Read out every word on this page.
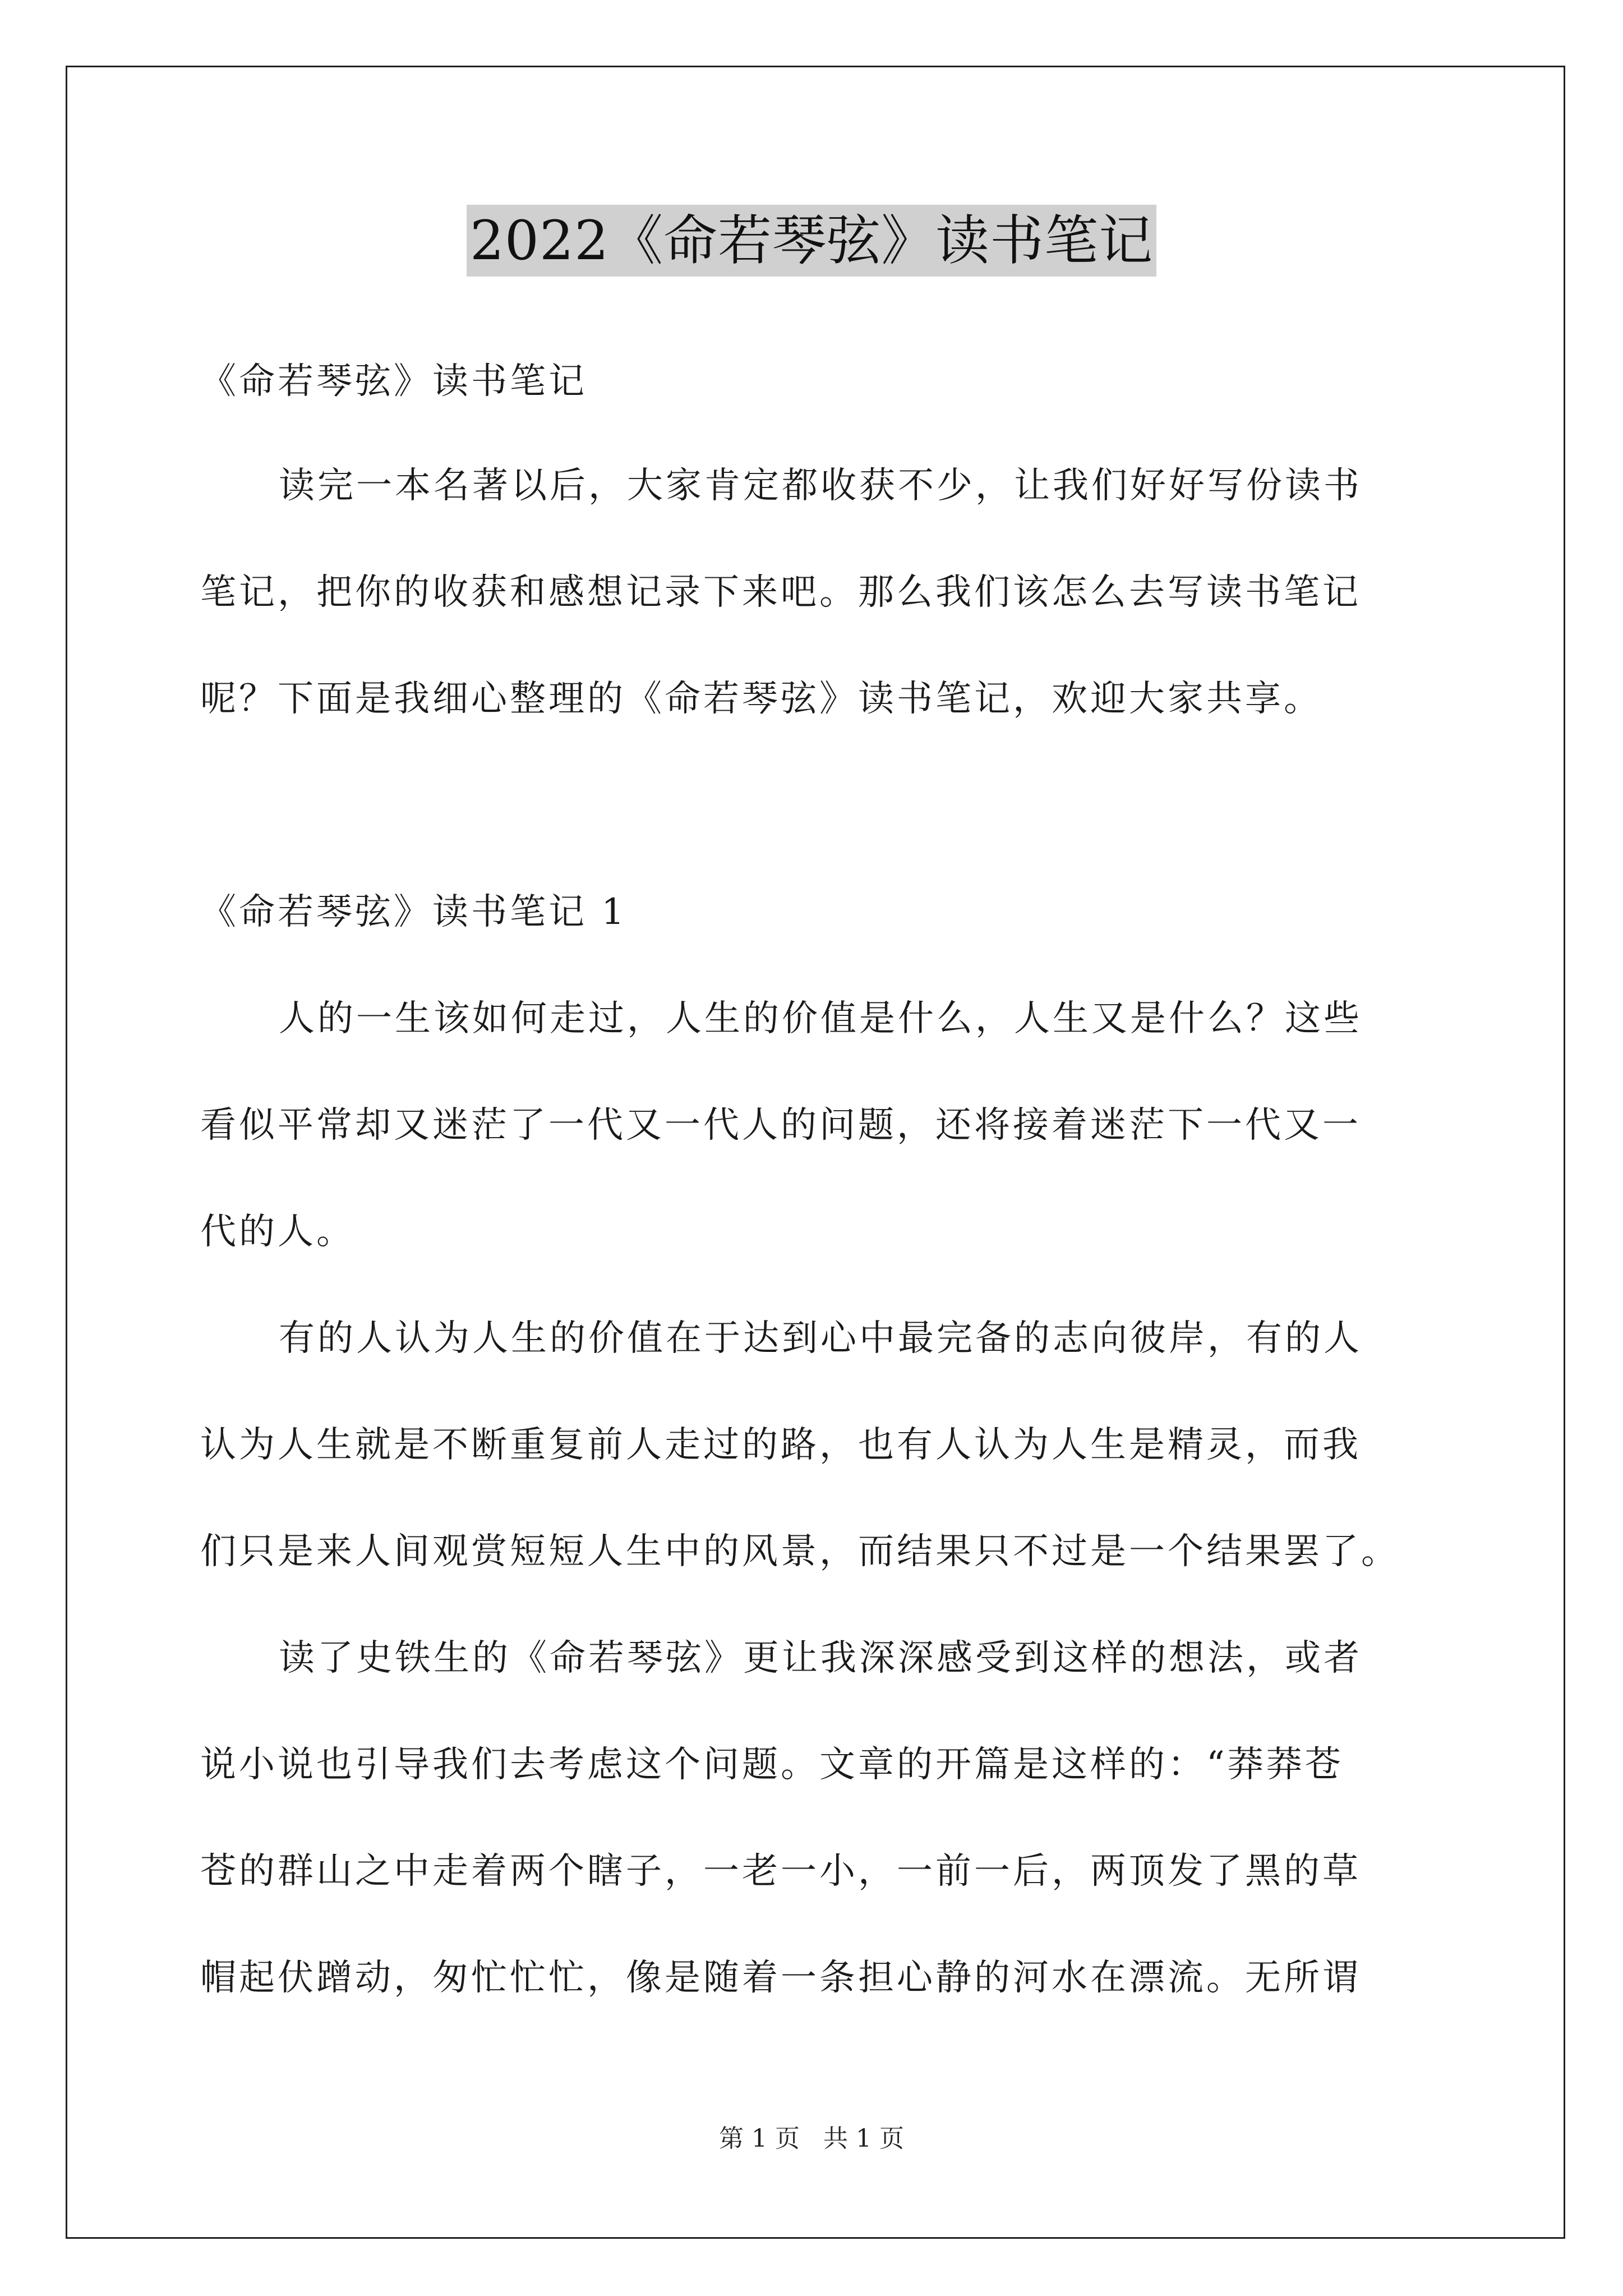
2022《命若琴弦》读书笔记
《命若琴弦》读书笔记
读完一本名著以后，大家肯定都收获不少，让我们好好写份读书
笔记，把你的收获和感想记录下来吧。那么我们该怎么去写读书笔记
呢？下面是我细心整理的《命若琴弦》读书笔记，欢迎大家共享。
《命若琴弦》读书笔记 1
人的一生该如何走过，人生的价值是什么，人生又是什么？这些
看似平常却又迷茫了一代又一代人的问题，还将接着迷茫下一代又一
代的人。
有的人认为人生的价值在于达到心中最完备的志向彼岸，有的人
认为人生就是不断重复前人走过的路，也有人认为人生是精灵，而我
们只是来人间观赏短短人生中的风景，而结果只不过是一个结果罢了。
读了史铁生的《命若琴弦》更让我深深感受到这样的想法，或者
说小说也引导我们去考虑这个问题。文章的开篇是这样的：“莽莽苍
苍的群山之中走着两个瞎子，一老一小，一前一后，两顶发了黑的草
帽起伏蹭动，匆忙忙忙，像是随着一条担心静的河水在漂流。无所谓
第 1 页 共 1 页
